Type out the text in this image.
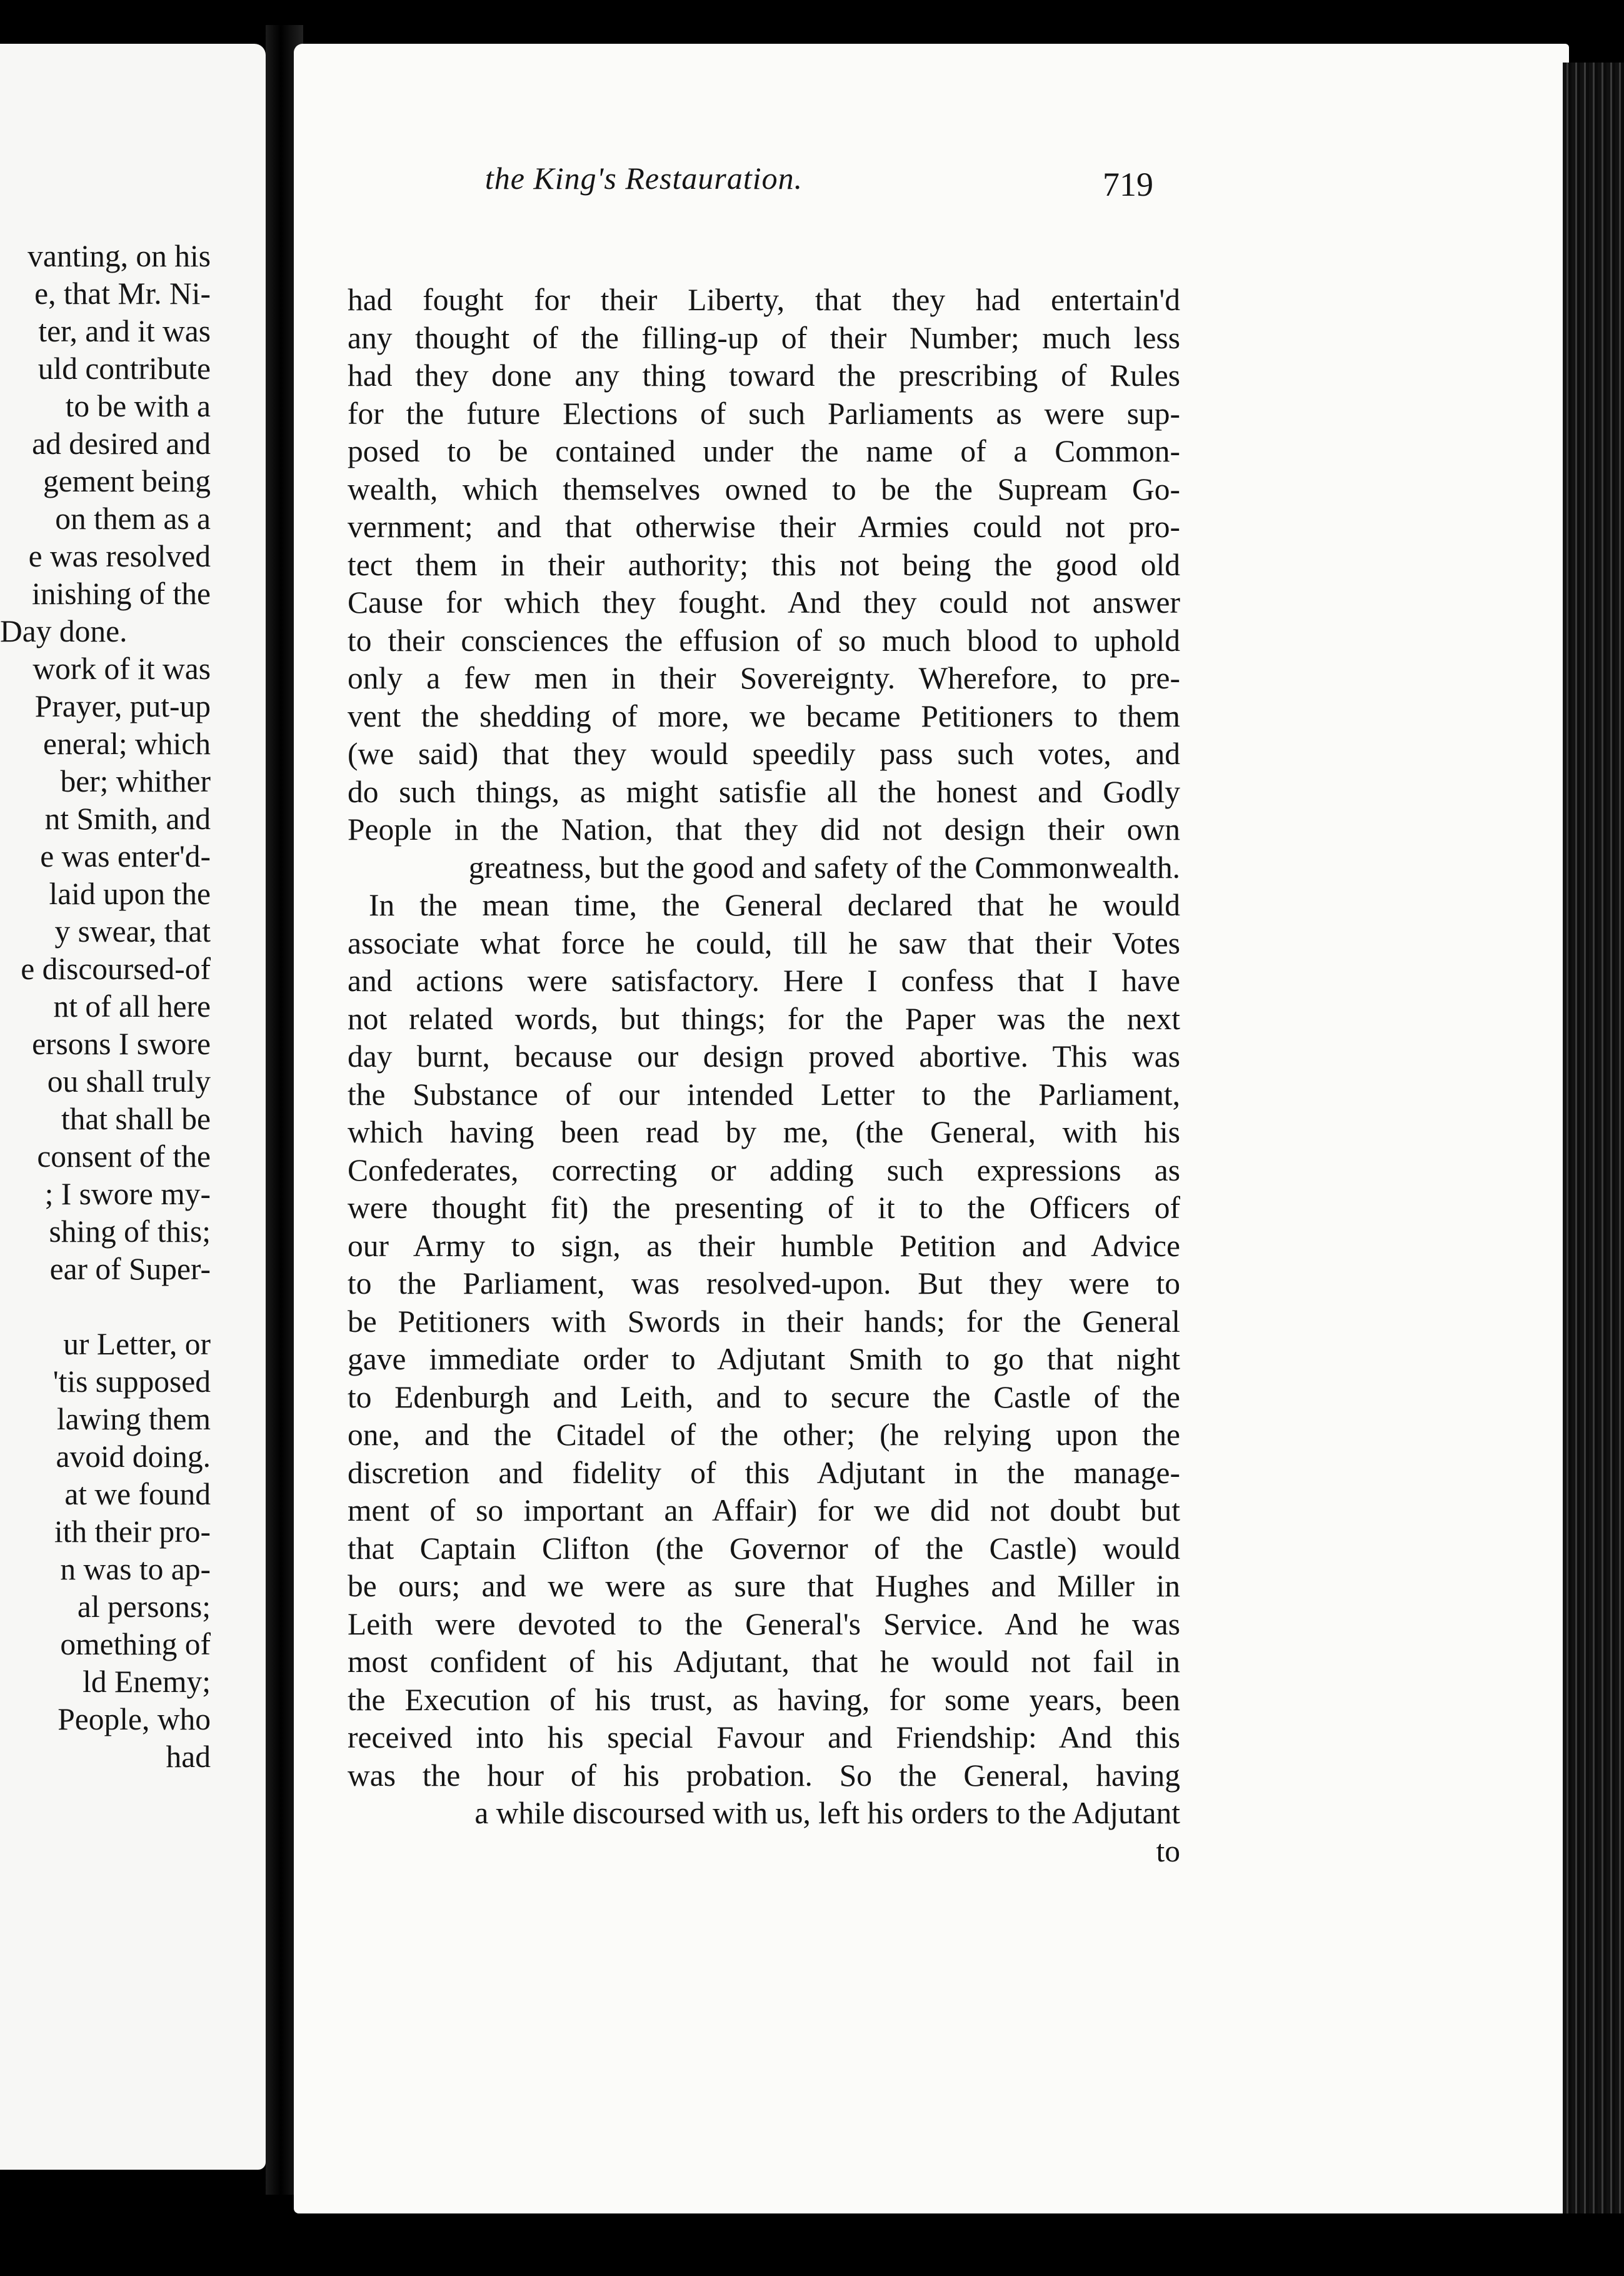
vanting, on his
e, that Mr. Ni-
ter, and it was
uld contribute
to be with a
ad desired and
gement being
on them as a
e was resolved
inishing of the
Day done.
work of it was
Prayer, put-up
eneral; which
ber; whither
nt Smith, and
e was enter'd-
laid upon the
y swear, that
e discoursed-of
nt of all here
ersons I swore
ou shall truly
that shall be
consent of the
; I swore my-
shing of this;
ear of Super-
ur Letter, or
'tis supposed
lawing them
avoid doing.
at we found
ith their pro-
n was to ap-
al persons;
omething of
ld Enemy;
People, who
had
had fought for their Liberty, that they had entertain'd
any thought of the filling-up of their Number; much less
had they done any thing toward the prescribing of Rules
for the future Elections of such Parliaments as were sup-
posed to be contained under the name of a Common-
wealth, which themselves owned to be the Supream Go-
vernment; and that otherwise their Armies could not pro-
tect them in their authority; this not being the good old
Cause for which they fought. And they could not answer
to their consciences the effusion of so much blood to uphold
only a few men in their Sovereignty. Wherefore, to pre-
vent the shedding of more, we became Petitioners to them
(we said) that they would speedily pass such votes, and
do such things, as might satisfie all the honest and Godly
People in the Nation, that they did not design their own
greatness, but the good and safety of the Commonwealth.
In the mean time, the General declared that he would
associate what force he could, till he saw that their Votes
and actions were satisfactory. Here I confess that I have
not related words, but things; for the Paper was the next
day burnt, because our design proved abortive. This was
the Substance of our intended Letter to the Parliament,
which having been read by me, (the General, with his
Confederates, correcting or adding such expressions as
were thought fit) the presenting of it to the Officers of
our Army to sign, as their humble Petition and Advice
to the Parliament, was resolved-upon. But they were to
be Petitioners with Swords in their hands; for the General
gave immediate order to Adjutant Smith to go that night
to Edenburgh and Leith, and to secure the Castle of the
one, and the Citadel of the other; (he relying upon the
discretion and fidelity of this Adjutant in the manage-
ment of so important an Affair) for we did not doubt but
that Captain Clifton (the Governor of the Castle) would
be ours; and we were as sure that Hughes and Miller in
Leith were devoted to the General's Service. And he was
most confident of his Adjutant, that he would not fail in
the Execution of his trust, as having, for some years, been
received into his special Favour and Friendship: And this
was the hour of his probation. So the General, having
a while discoursed with us, left his orders to the Adjutant
to
the King's Restauration.	719
